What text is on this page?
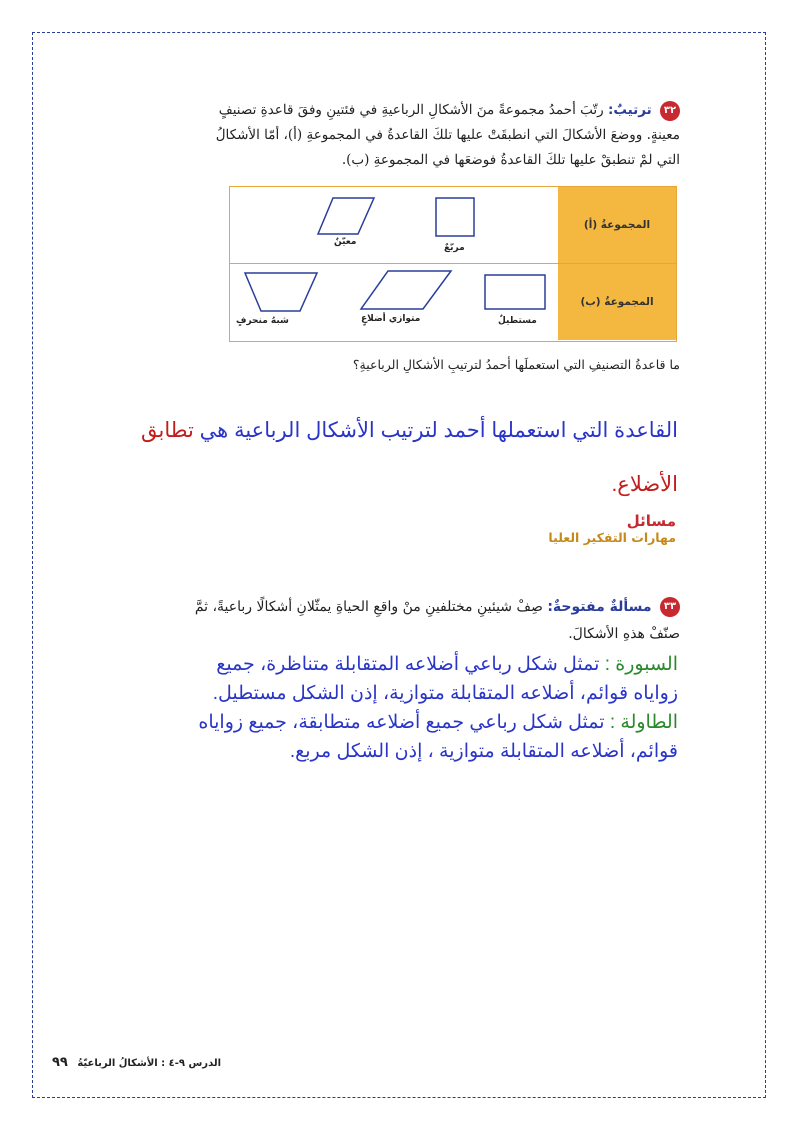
٣٢ ترتيبٌ: رتّبَ أحمدُ مجموعةً منَ الأشكالِ الرباعيةِ في فئتينِ وفقَ قاعدةِ تصنيفٍ
معينةٍ. ووضعَ الأشكالَ التي انطبقَتْ عليها تلكَ القاعدةُ في المجموعةِ (أ)، أمّا الأشكالُ
التي لمْ تنطبقْ عليها تلكَ القاعدةُ فوضعَها في المجموعةِ (ب).
المجموعةُ (أ)
مربّعٌ
معيّنٌ
المجموعةُ (ب)
مستطيلٌ
متوازي أضلاعٍ
شبهُ منحرفٍ
ما قاعدةُ التصنيفِ التي استعملَها أحمدُ لترتيبِ الأشكالِ الرباعيةِ؟
القاعدة التي استعملها أحمد لترتيب الأشكال الرباعية هي تطابق
الأضلاع.
مسائل
مهارات التفكير العليا
٣٣ مسألةٌ مفتوحةٌ: صِفْ شيئينِ مختلفينِ منْ واقعِ الحياةِ يمثّلانِ أشكالًا رباعيةً، ثمَّ
صنّفْ هذهِ الأشكالَ.
السبورة : تمثل شكل رباعي أضلاعه المتقابلة متناظرة، جميع
زواياه قوائم، أضلاعه المتقابلة متوازية، إذن الشكل مستطيل.
الطاولة : تمثل شكل رباعي جميع أضلاعه متطابقة، جميع زواياه
قوائم، أضلاعه المتقابلة متوازية ، إذن الشكل مربع.
الدرس ٩-٤ : الأشكالُ الرباعيّةُ ٩٩
